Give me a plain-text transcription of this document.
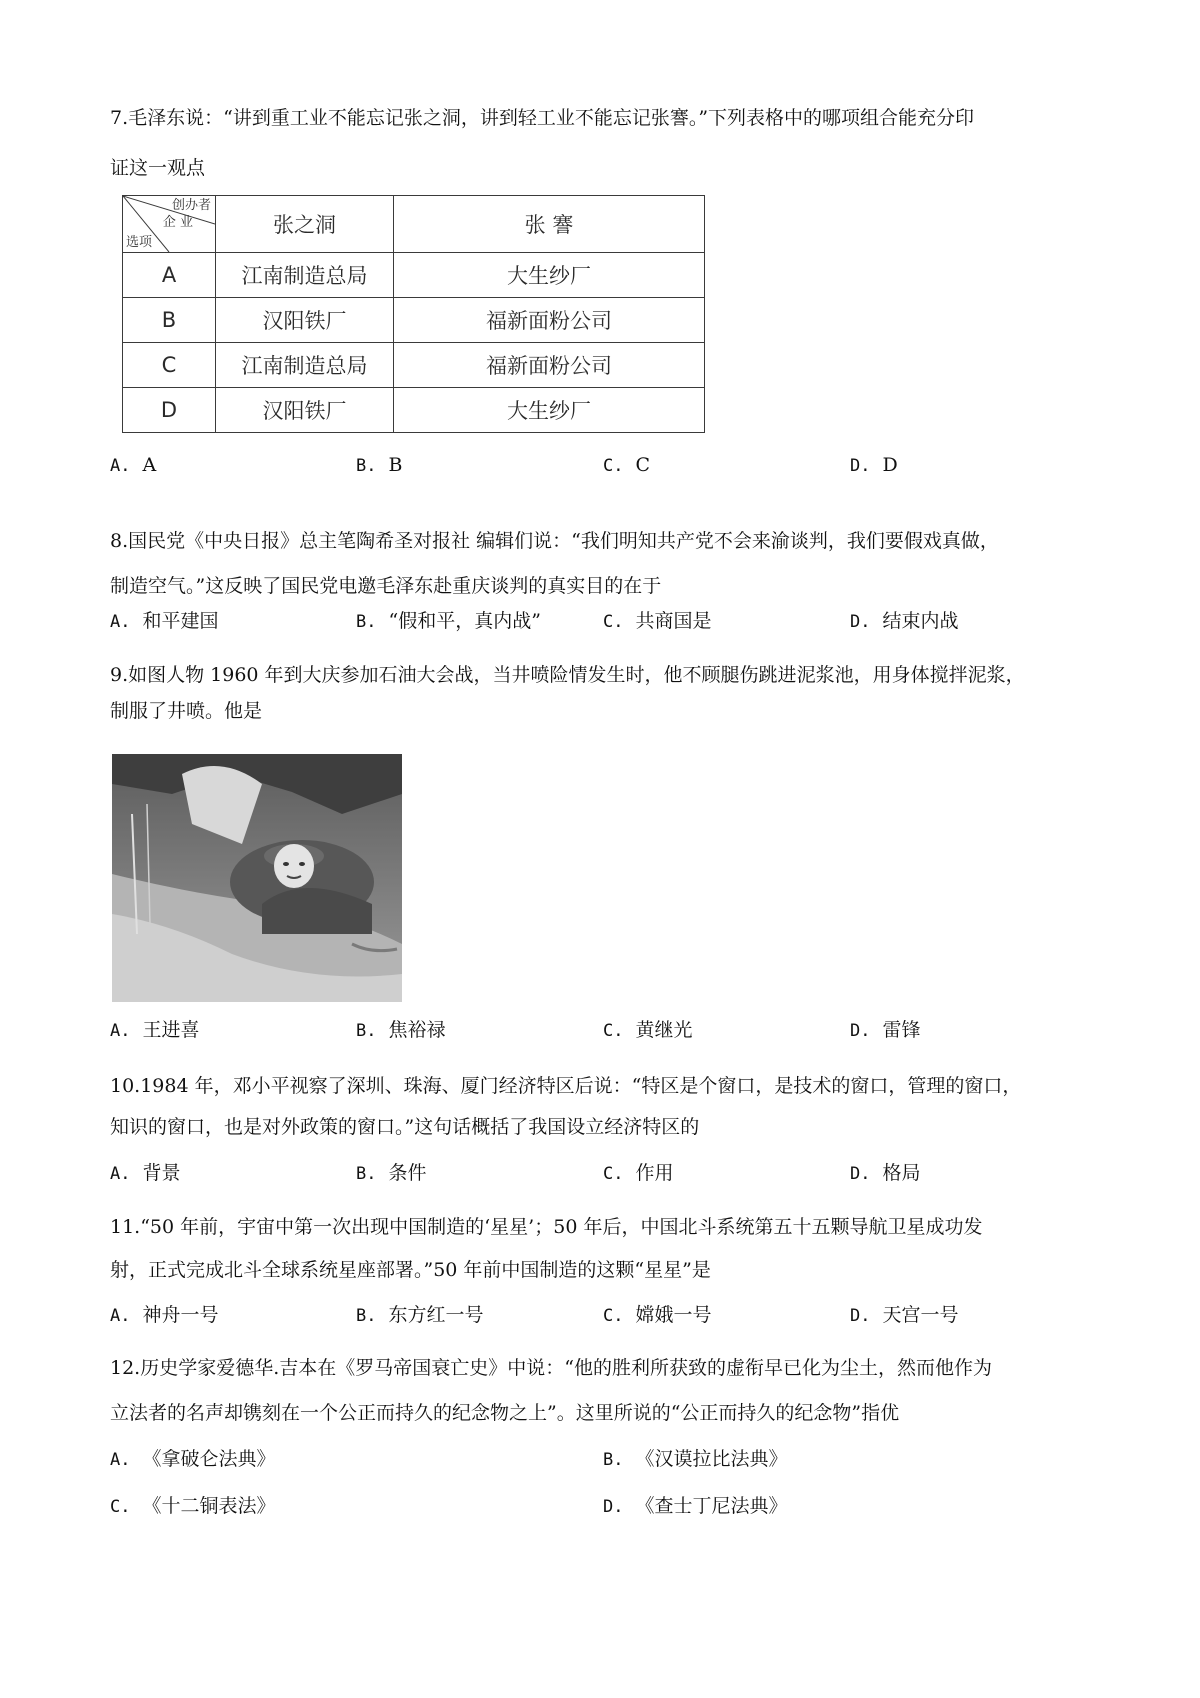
7.毛泽东说：“讲到重工业不能忘记张之洞，讲到轻工业不能忘记张謇。”下列表格中的哪项组合能充分印
证这一观点
创办者
企 业
选项	张之洞	张 謇
A	江南制造总局	大生纱厂
B	汉阳铁厂	福新面粉公司
C	江南制造总局	福新面粉公司
D	汉阳铁厂	大生纱厂
A. A	B. B	C. C	D. D
8.国民党《中央日报》总主笔陶希圣对报社 编辑们说：“我们明知共产党不会来渝谈判，我们要假戏真做，
制造空气。”这反映了国民党电邀毛泽东赴重庆谈判的真实目的在于
A. 和平建国	B. “假和平，真内战”	C. 共商国是	D. 结束内战
9.如图人物 1960 年到大庆参加石油大会战，当井喷险情发生时，他不顾腿伤跳进泥浆池，用身体搅拌泥浆，
制服了井喷。他是
A. 王进喜	B. 焦裕禄	C. 黄继光	D. 雷锋
10.1984 年，邓小平视察了深圳、珠海、厦门经济特区后说：“特区是个窗口，是技术的窗口，管理的窗口，
知识的窗口，也是对外政策的窗口。”这句话概括了我国设立经济特区的
A. 背景	B. 条件	C. 作用	D. 格局
11.“50 年前，宇宙中第一次出现中国制造的‘星星’；50 年后，中国北斗系统第五十五颗导航卫星成功发
射，正式完成北斗全球系统星座部署。”50 年前中国制造的这颗“星星”是
A. 神舟一号	B. 东方红一号	C. 嫦娥一号	D. 天宫一号
12.历史学家爱德华.吉本在《罗马帝国衰亡史》中说：“他的胜利所获致的虚衔早已化为尘土，然而他作为
立法者的名声却镌刻在一个公正而持久的纪念物之上”。这里所说的“公正而持久的纪念物”指优
A. 《拿破仑法典》	B. 《汉谟拉比法典》
C. 《十二铜表法》	D. 《查士丁尼法典》
